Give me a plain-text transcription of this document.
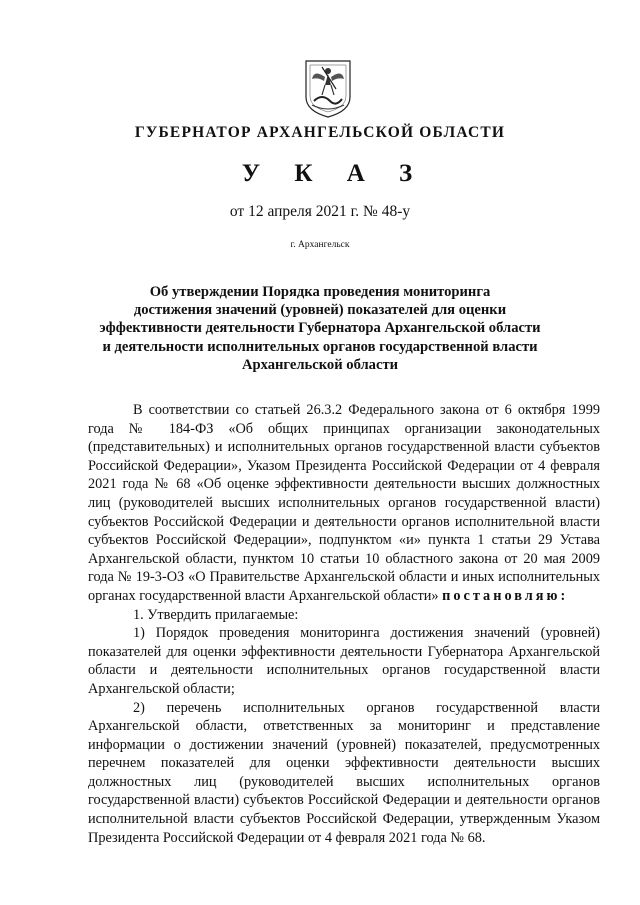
ГУБЕРНАТОР АРХАНГЕЛЬСКОЙ ОБЛАСТИ
У К А З
от 12 апреля 2021 г. № 48-у
г. Архангельск
Об утверждении Порядка проведения мониторинга
достижения значений (уровней) показателей для оценки
эффективности деятельности Губернатора Архангельской области
и деятельности исполнительных органов государственной власти
Архангельской области

В соответствии со статьей 26.3.2 Федерального закона от 6 октября 1999 года № 184-ФЗ «Об общих принципах организации законодательных (представительных) и исполнительных органов государственной власти субъектов Российской Федерации», Указом Президента Российской Федерации от 4 февраля 2021 года № 68 «Об оценке эффективности деятельности высших должностных лиц (руководителей высших исполнительных органов государственной власти) субъектов Российской Федерации и деятельности органов исполнительной власти субъектов Российской Федерации», подпунктом «и» пункта 1 статьи 29 Устава Архангельской области, пунктом 10 статьи 10 областного закона от 20 мая 2009 года № 19-3-ОЗ «О Правительстве Архангельской области и иных исполнительных органах государственной власти Архангельской области» постановляю:

1. Утвердить прилагаемые:

1) Порядок проведения мониторинга достижения значений (уровней) показателей для оценки эффективности деятельности Губернатора Архангельской области и деятельности исполнительных органов государственной власти Архангельской области;

2) перечень исполнительных органов государственной власти Архангельской области, ответственных за мониторинг и представление информации о достижении значений (уровней) показателей, предусмотренных перечнем показателей для оценки эффективности деятельности высших должностных лиц (руководителей высших исполнительных органов государственной власти) субъектов Российской Федерации и деятельности органов исполнительной власти субъектов Российской Федерации, утвержденным Указом Президента Российской Федерации от 4 февраля 2021 года № 68.
